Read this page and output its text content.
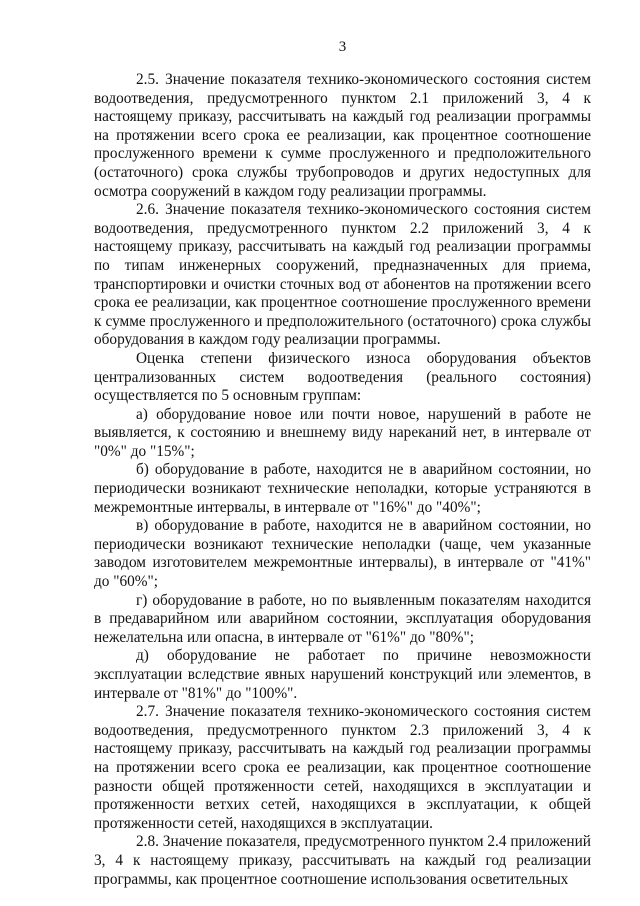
3

2.5. Значение показателя технико-экономического состояния систем водоотведения, предусмотренного пунктом 2.1 приложений 3, 4 к настоящему приказу, рассчитывать на каждый год реализации программы на протяжении всего срока ее реализации, как процентное соотношение прослуженного времени к сумме прослуженного и предположительного (остаточного) срока службы трубопроводов и других недоступных для осмотра сооружений в каждом году реализации программы.

2.6. Значение показателя технико-экономического состояния систем водоотведения, предусмотренного пунктом 2.2 приложений 3, 4 к настоящему приказу, рассчитывать на каждый год реализации программы по типам инженерных сооружений, предназначенных для приема, транспортировки и очистки сточных вод от абонентов на протяжении всего срока ее реализации, как процентное соотношение прослуженного времени к сумме прослуженного и предположительного (остаточного) срока службы оборудования в каждом году реализации программы.

Оценка степени физического износа оборудования объектов централизованных систем водоотведения (реального состояния) осуществляется по 5 основным группам:

а) оборудование новое или почти новое, нарушений в работе не выявляется, к состоянию и внешнему виду нареканий нет, в интервале от "0%" до "15%";

б) оборудование в работе, находится не в аварийном состоянии, но периодически возникают технические неполадки, которые устраняются в межремонтные интервалы, в интервале от "16%" до "40%";

в) оборудование в работе, находится не в аварийном состоянии, но периодически возникают технические неполадки (чаще, чем указанные заводом изготовителем межремонтные интервалы), в интервале от "41%" до "60%";

г) оборудование в работе, но по выявленным показателям находится в предаварийном или аварийном состоянии, эксплуатация оборудования нежелательна или опасна, в интервале от "61%" до "80%";

д) оборудование не работает по причине невозможности эксплуатации вследствие явных нарушений конструкций или элементов, в интервале от "81%" до "100%".

2.7. Значение показателя технико-экономического состояния систем водоотведения, предусмотренного пунктом 2.3 приложений 3, 4 к настоящему приказу, рассчитывать на каждый год реализации программы на протяжении всего срока ее реализации, как процентное соотношение разности общей протяженности сетей, находящихся в эксплуатации и протяженности ветхих сетей, находящихся в эксплуатации, к общей протяженности сетей, находящихся в эксплуатации.

2.8. Значение показателя, предусмотренного пунктом 2.4 приложений 3, 4 к настоящему приказу, рассчитывать на каждый год реализации программы, как процентное соотношение использования осветительных
